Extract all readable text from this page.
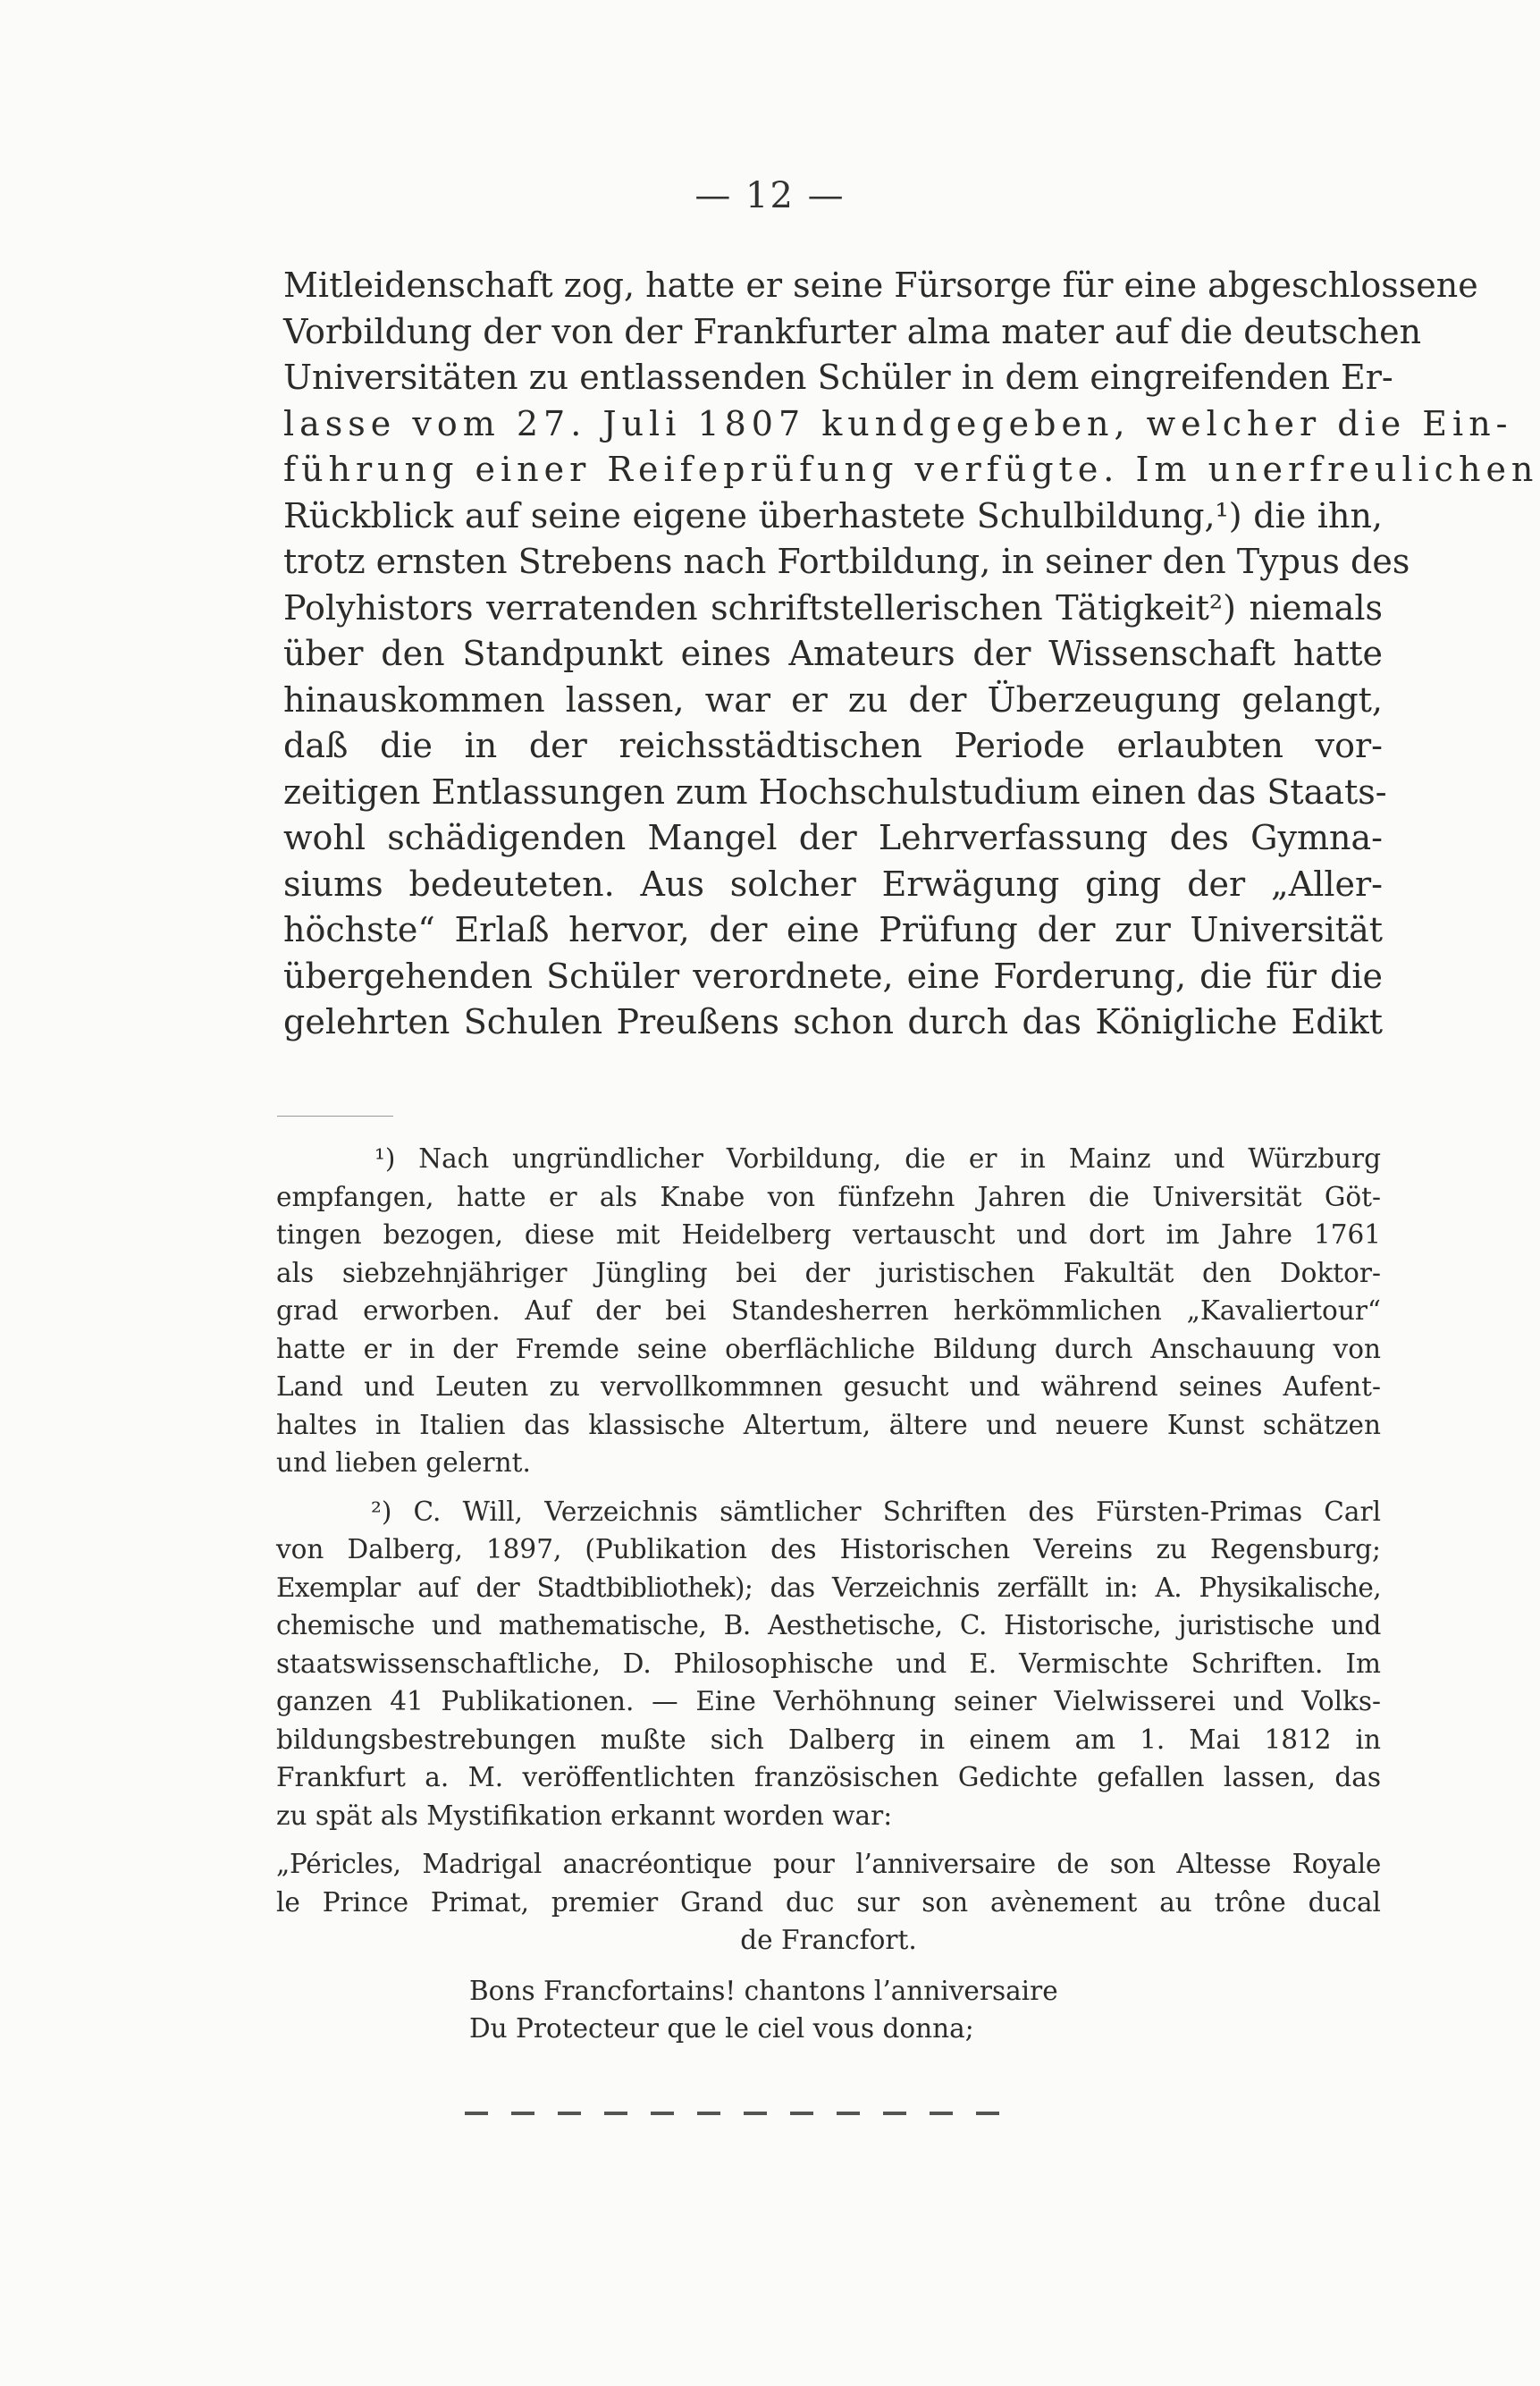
— 12 —
Mitleidenschaft zog, hatte er seine Fürsorge für eine abgeschlossene
Vorbildung der von der Frankfurter alma mater auf die deutschen
Universitäten zu entlassenden Schüler in dem eingreifenden Er-
lasse vom 27. Juli 1807 kundgegeben, welcher die Ein-
führung einer Reifeprüfung verfügte. Im unerfreulichen
Rückblick auf seine eigene überhastete Schulbildung,¹) die ihn,
trotz ernsten Strebens nach Fortbildung, in seiner den Typus des
Polyhistors verratenden schriftstellerischen Tätigkeit²) niemals
über den Standpunkt eines Amateurs der Wissenschaft hatte
hinauskommen lassen, war er zu der Überzeugung gelangt,
daß die in der reichsstädtischen Periode erlaubten vor-
zeitigen Entlassungen zum Hochschulstudium einen das Staats-
wohl schädigenden Mangel der Lehrverfassung des Gymna-
siums bedeuteten. Aus solcher Erwägung ging der „Aller-
höchste“ Erlaß hervor, der eine Prüfung der zur Universität
übergehenden Schüler verordnete, eine Forderung, die für die
gelehrten Schulen Preußens schon durch das Königliche Edikt
¹) Nach ungründlicher Vorbildung, die er in Mainz und Würzburg
empfangen, hatte er als Knabe von fünfzehn Jahren die Universität Göt-
tingen bezogen, diese mit Heidelberg vertauscht und dort im Jahre 1761
als siebzehnjähriger Jüngling bei der juristischen Fakultät den Doktor-
grad erworben. Auf der bei Standesherren herkömmlichen „Kavaliertour“
hatte er in der Fremde seine oberflächliche Bildung durch Anschauung von
Land und Leuten zu vervollkommnen gesucht und während seines Aufent-
haltes in Italien das klassische Altertum, ältere und neuere Kunst schätzen
und lieben gelernt.
²) C. Will, Verzeichnis sämtlicher Schriften des Fürsten-Primas Carl
von Dalberg, 1897, (Publikation des Historischen Vereins zu Regensburg;
Exemplar auf der Stadtbibliothek); das Verzeichnis zerfällt in: A. Physikalische,
chemische und mathematische, B. Aesthetische, C. Historische, juristische und
staatswissenschaftliche, D. Philosophische und E. Vermischte Schriften. Im
ganzen 41 Publikationen. — Eine Verhöhnung seiner Vielwisserei und Volks-
bildungsbestrebungen mußte sich Dalberg in einem am 1. Mai 1812 in
Frankfurt a. M. veröffentlichten französischen Gedichte gefallen lassen, das
zu spät als Mystifikation erkannt worden war:
„Péricles, Madrigal anacréontique pour l’anniversaire de son Altesse Royale
le Prince Primat, premier Grand duc sur son avènement au trône ducal
de Francfort.
Bons Francfortains! chantons l’anniversaire
Du Protecteur que le ciel vous donna;
